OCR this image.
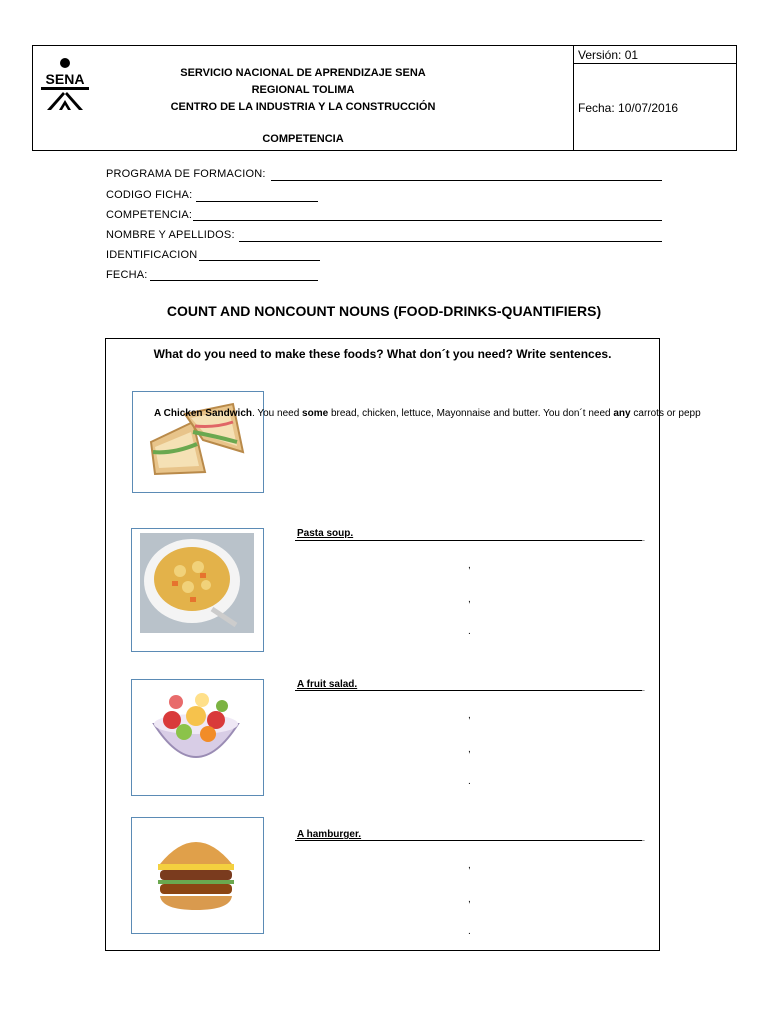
SENA	SERVICIO NACIONAL DE APRENDIZAJE SENA
REGIONAL TOLIMA
CENTRO DE LA INDUSTRIA Y LA CONSTRUCCIÓN
COMPETENCIA
Versión: 01
Fecha: 10/07/2016
PROGRAMA DE FORMACION:
CODIGO FICHA:
COMPETENCIA:
NOMBRE Y APELLIDOS:
IDENTIFICACION
FECHA:
COUNT AND NONCOUNT NOUNS (FOOD-DRINKS-QUANTIFIERS)
What do you need to make these foods? What don´t you need? Write sentences.
A Chicken Sandwich. You need some bread, chicken, lettuce, Mayonnaise and butter. You don´t need any carrots or pepp
Pasta soup.	_
,
,
.
A fruit salad.	_
,
,
.
A hamburger.	_
,
,
.
